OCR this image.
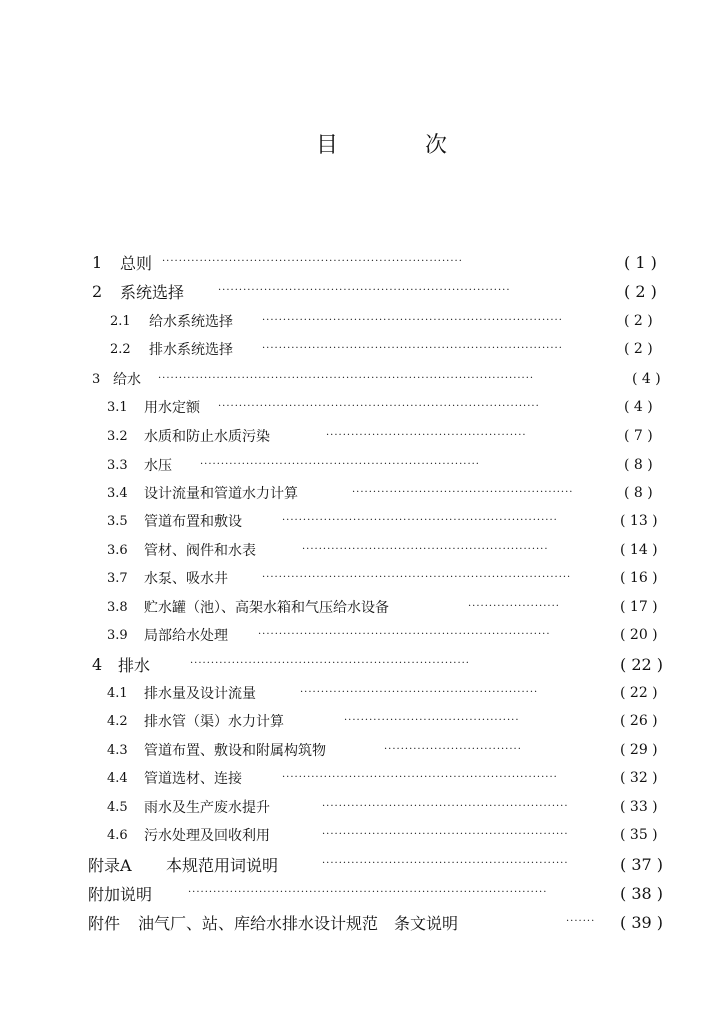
目	次
1 总则 ········································································	( 1 )
2 系统选择	······································································	( 2 )
2.1 给水系统选择	········································································	( 2 )
2.2 排水系统选择	········································································	( 2 )
3 给水 ··························································································	( 4 )
3.1 用水定额 ·············································································	( 4 )
3.2 水质和防止水质污染	················································	( 7 )
3.3 水压	···································································	( 8 )
3.4 设计流量和管道水力计算	·····················································	( 8 )
3.5 管道布置和敷设	··································································	( 13 )
3.6 管材、阀件和水表	···························································	( 14 )
3.7 水泵、吸水井	··········································································	( 16 )
3.8 贮水罐（池）、高架水箱和气压给水设备	······················	( 17 )
3.9 局部给水处理	······································································	( 20 )
4 排水	···································································	( 22 )
4.1 排水量及设计流量	·························································	( 22 )
4.2 排水管（渠）水力计算	··········································	( 26 )
4.3 管道布置、敷设和附属构筑物	·································	( 29 )
4.4 管道选材、连接	··································································	( 32 )
4.5 雨水及生产废水提升	···························································	( 33 )
4.6 污水处理及回收利用	···························································	( 35 )
附录A 本规范用词说明	···························································	( 37 )
附加说明	······················································································	( 38 )
附件 油气厂、站、库给水排水设计规范　条文说明	·······	( 39 )
